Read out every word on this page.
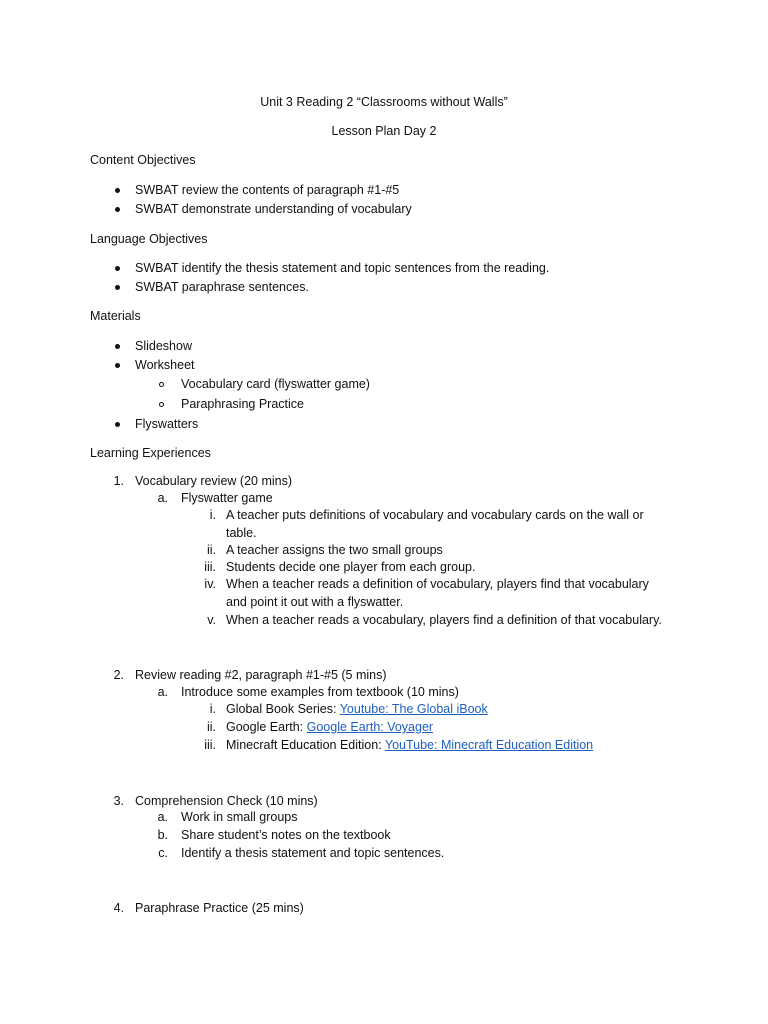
Unit 3 Reading 2 “Classrooms without Walls”
Lesson Plan Day 2
Content Objectives
SWBAT review the contents of paragraph #1-#5
SWBAT demonstrate understanding of vocabulary
Language Objectives
SWBAT identify the thesis statement and topic sentences from the reading.
SWBAT paraphrase sentences.
Materials
Slideshow
Worksheet
Vocabulary card (flyswatter game)
Paraphrasing Practice
Flyswatters
Learning Experiences
1. Vocabulary review (20 mins)
a. Flyswatter game
i. A teacher puts definitions of vocabulary and vocabulary cards on the wall or
table.
ii. A teacher assigns the two small groups
iii. Students decide one player from each group.
iv. When a teacher reads a definition of vocabulary, players find that vocabulary
and point it out with a flyswatter.
v. When a teacher reads a vocabulary, players find a definition of that vocabulary.
2. Review reading #2, paragraph #1-#5 (5 mins)
a. Introduce some examples from textbook (10 mins)
i. Global Book Series: Youtube: The Global iBook
ii. Google Earth: Google Earth: Voyager
iii. Minecraft Education Edition: YouTube: Minecraft Education Edition
3. Comprehension Check (10 mins)
a. Work in small groups
b. Share student’s notes on the textbook
c. Identify a thesis statement and topic sentences.
4. Paraphrase Practice (25 mins)
